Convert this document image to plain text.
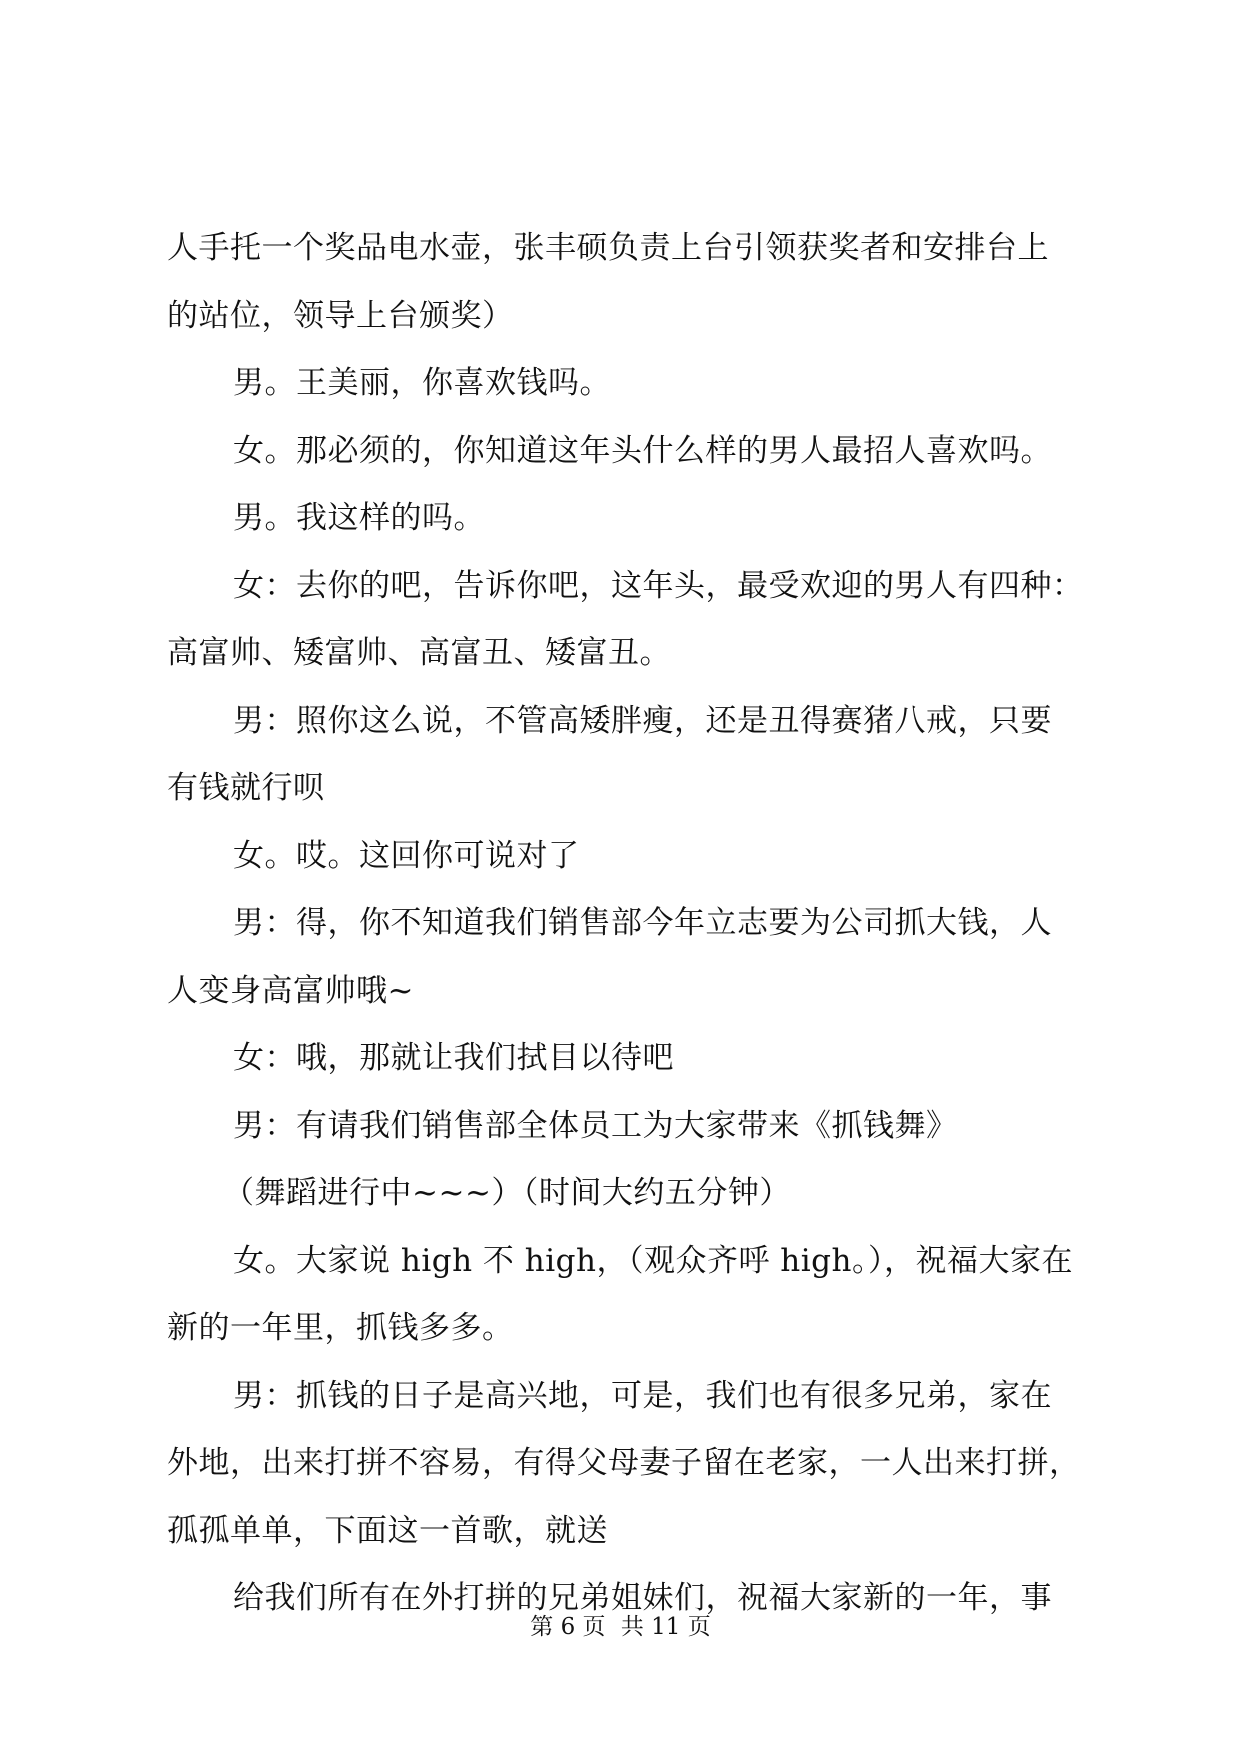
人手托一个奖品电水壶，张丰硕负责上台引领获奖者和安排台上
的站位，领导上台颁奖）
男。王美丽，你喜欢钱吗。
女。那必须的，你知道这年头什么样的男人最招人喜欢吗。
男。我这样的吗。
女：去你的吧，告诉你吧，这年头，最受欢迎的男人有四种：
高富帅、矮富帅、高富丑、矮富丑。
男：照你这么说，不管高矮胖瘦，还是丑得赛猪八戒，只要
有钱就行呗
女。哎。这回你可说对了
男：得，你不知道我们销售部今年立志要为公司抓大钱，人
人变身高富帅哦~
女：哦，那就让我们拭目以待吧
男：有请我们销售部全体员工为大家带来《抓钱舞》
（舞蹈进行中~~~）（时间大约五分钟）
女。大家说 high 不 high，（观众齐呼 high。），祝福大家在
新的一年里，抓钱多多。
男：抓钱的日子是高兴地，可是，我们也有很多兄弟，家在
外地，出来打拼不容易，有得父母妻子留在老家，一人出来打拼，
孤孤单单，下面这一首歌，就送
给我们所有在外打拼的兄弟姐妹们，祝福大家新的一年，事
第 6 页 共 11 页
